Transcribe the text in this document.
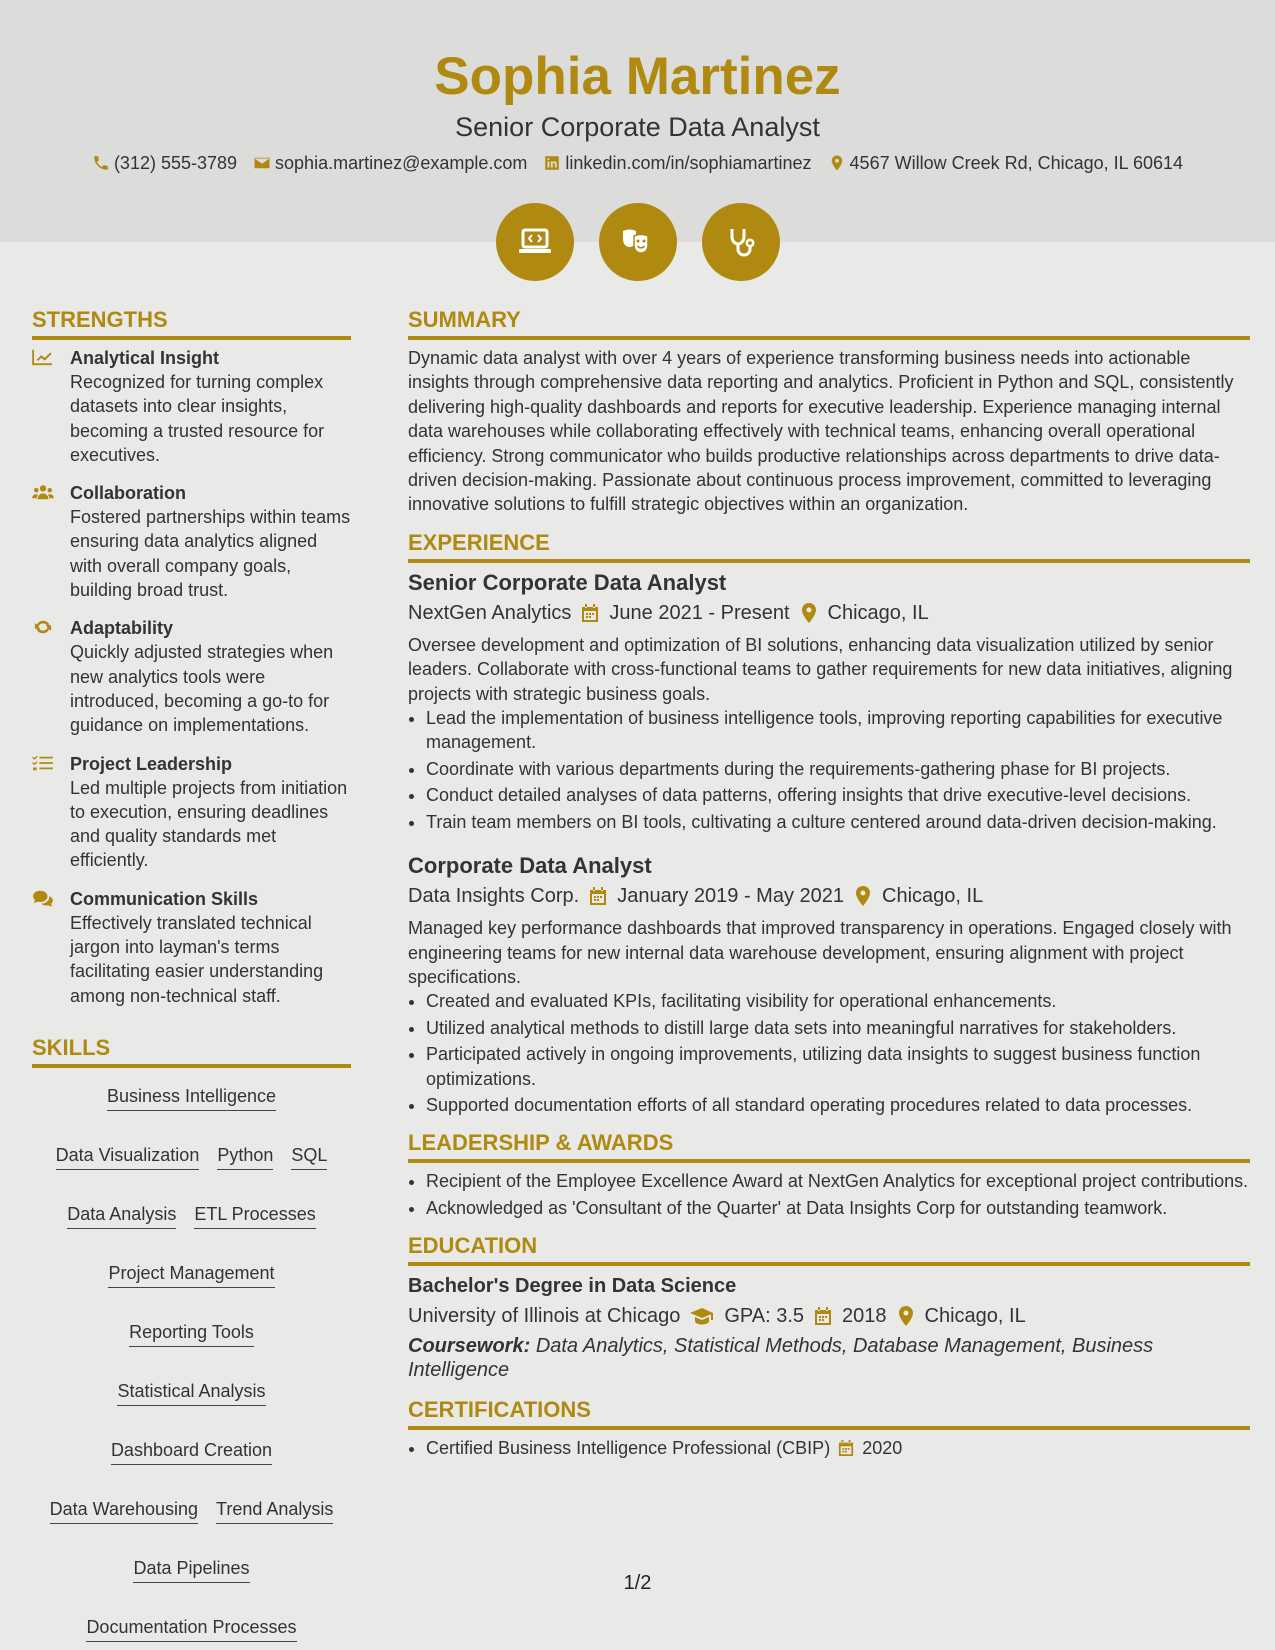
Sophia Martinez
Senior Corporate Data Analyst
(312) 555-3789 sophia.martinez@example.com linkedin.com/in/sophiamartinez 4567 Willow Creek Rd, Chicago, IL 60614
STRENGTHS
Analytical Insight
Recognized for turning complex datasets into clear insights, becoming a trusted resource for executives.
Collaboration
Fostered partnerships within teams ensuring data analytics aligned with overall company goals, building broad trust.
Adaptability
Quickly adjusted strategies when new analytics tools were introduced, becoming a go-to for guidance on implementations.
Project Leadership
Led multiple projects from initiation to execution, ensuring deadlines and quality standards met efficiently.
Communication Skills
Effectively translated technical jargon into layman's terms facilitating easier understanding among non-technical staff.
SKILLS
Business Intelligence
Data Visualization Python SQL
Data Analysis ETL Processes
Project Management
Reporting Tools
Statistical Analysis
Dashboard Creation
Data Warehousing Trend Analysis
Data Pipelines
Documentation Processes
SUMMARY
Dynamic data analyst with over 4 years of experience transforming business needs into actionable insights through comprehensive data reporting and analytics. Proficient in Python and SQL, consistently delivering high-quality dashboards and reports for executive leadership. Experience managing internal data warehouses while collaborating effectively with technical teams, enhancing overall operational efficiency. Strong communicator who builds productive relationships across departments to drive data-driven decision-making. Passionate about continuous process improvement, committed to leveraging innovative solutions to fulfill strategic objectives within an organization.
EXPERIENCE
Senior Corporate Data Analyst
NextGen Analytics June 2021 - Present Chicago, IL
Oversee development and optimization of BI solutions, enhancing data visualization utilized by senior leaders. Collaborate with cross-functional teams to gather requirements for new data initiatives, aligning projects with strategic business goals.
• Lead the implementation of business intelligence tools, improving reporting capabilities for executive management.
• Coordinate with various departments during the requirements-gathering phase for BI projects.
• Conduct detailed analyses of data patterns, offering insights that drive executive-level decisions.
• Train team members on BI tools, cultivating a culture centered around data-driven decision-making.
Corporate Data Analyst
Data Insights Corp. January 2019 - May 2021 Chicago, IL
Managed key performance dashboards that improved transparency in operations. Engaged closely with engineering teams for new internal data warehouse development, ensuring alignment with project specifications.
• Created and evaluated KPIs, facilitating visibility for operational enhancements.
• Utilized analytical methods to distill large data sets into meaningful narratives for stakeholders.
• Participated actively in ongoing improvements, utilizing data insights to suggest business function optimizations.
• Supported documentation efforts of all standard operating procedures related to data processes.
LEADERSHIP & AWARDS
• Recipient of the Employee Excellence Award at NextGen Analytics for exceptional project contributions.
• Acknowledged as 'Consultant of the Quarter' at Data Insights Corp for outstanding teamwork.
EDUCATION
Bachelor's Degree in Data Science
University of Illinois at Chicago GPA: 3.5 2018 Chicago, IL
Coursework: Data Analytics, Statistical Methods, Database Management, Business Intelligence
CERTIFICATIONS
• Certified Business Intelligence Professional (CBIP) 2020
1/2
